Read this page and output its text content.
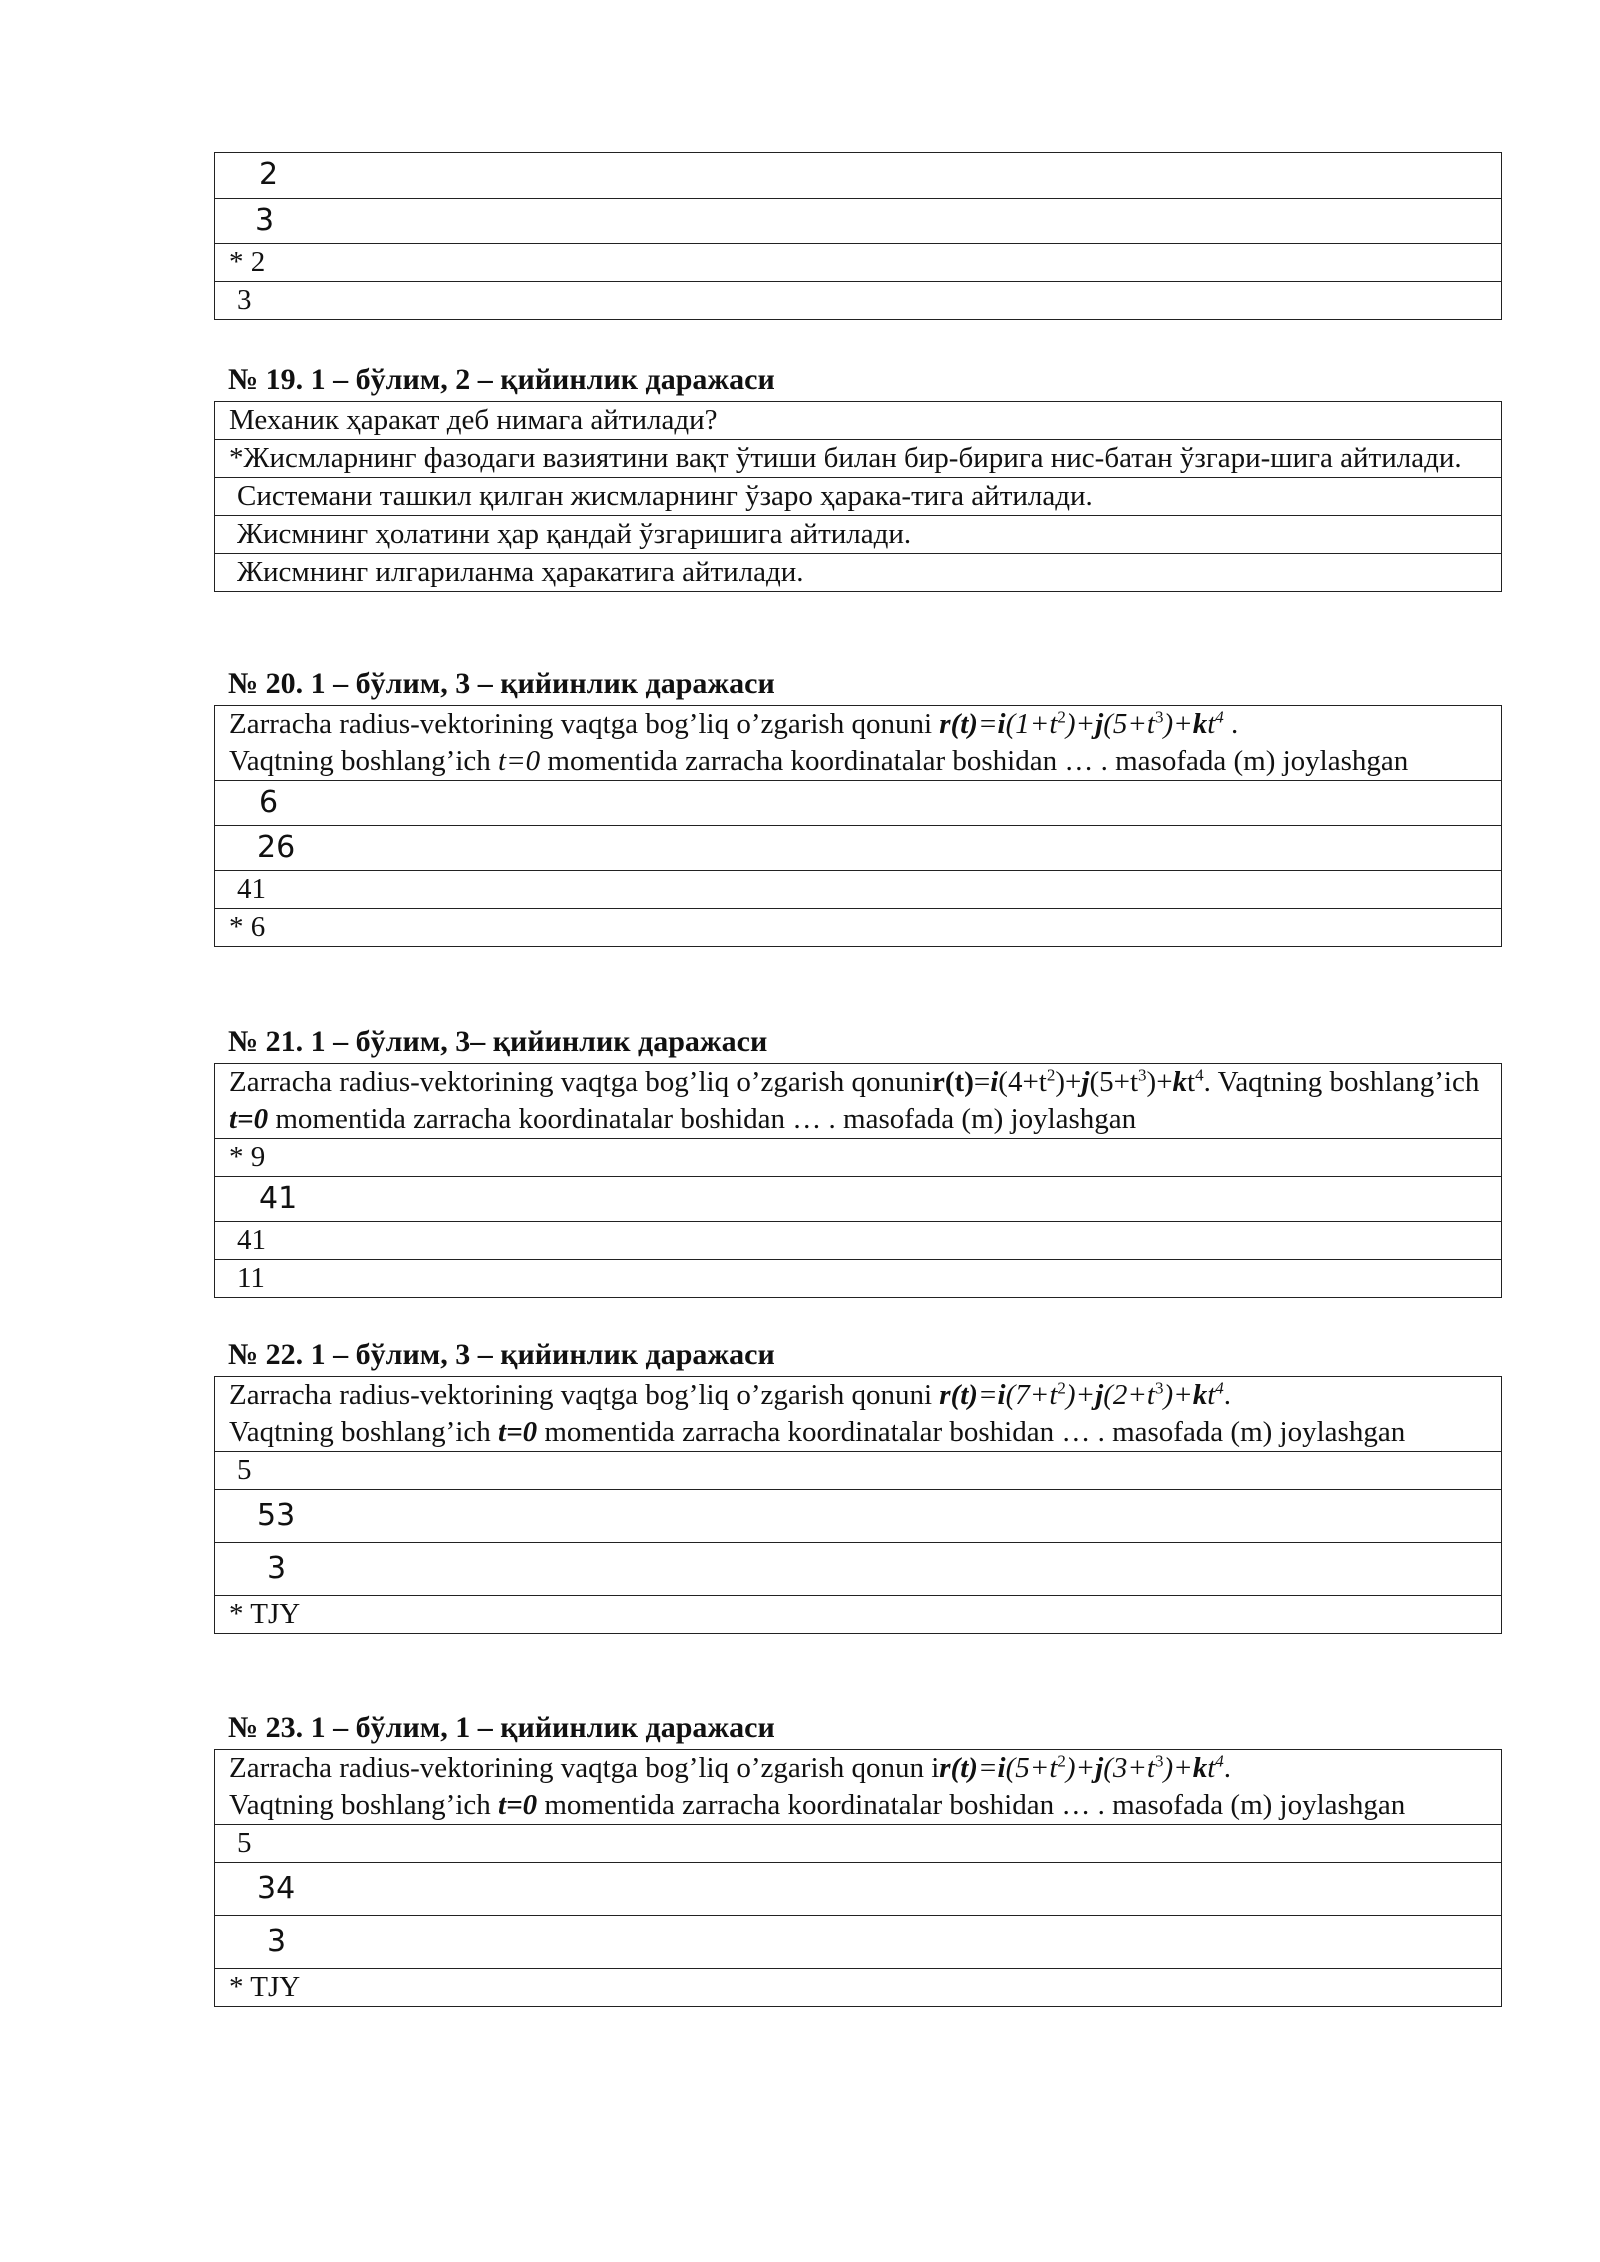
2
3
* 2
3
№ 19. 1 – бўлим, 2 – қийинлик даражаси
Механик ҳаракат деб нимага айтилади?
*Жисмларнинг фазодаги вазиятини вақт ўтиши билан бир-бирига нис-батан ўзгари-шига айтилади.
Системани ташкил қилган жисмларнинг ўзаро ҳарака-тига айтилади.
Жисмнинг ҳолатини ҳар қандай ўзгаришига айтилади.
Жисмнинг илгариланма ҳаракатига айтилади.
№ 20. 1 – бўлим, 3 – қийинлик даражаси
Zarracha radius-vektorining vaqtga bog’liq o’zgarish qonuni $r(t)=i(1+t^2)+j(5+t^3)+kt^4$ .
Vaqtning boshlang’ich t=0 momentida zarracha koordinatalar boshidan … . masofada (m) joylashgan
6
26
41
* 6
№ 21. 1 – бўлим, 3– қийинлик даражаси
Zarracha radius-vektorining vaqtga bog’liq o’zgarish $qonunir(t)=i(4+t^2)+j(5+t^3)+kt^4$. Vaqtning boshlang’ich t=0 momentida zarracha koordinatalar boshidan … . masofada (m) joylashgan
* 9
41
41
11
№ 22. 1 – бўлим, 3 – қийинлик даражаси
Zarracha radius-vektorining vaqtga bog’liq o’zgarish qonuni $r(t)=i(7+t^2)+j(2+t^3)+kt^4$.
Vaqtning boshlang’ich t=0 momentida zarracha koordinatalar boshidan … . masofada (m) joylashgan
5
53
3
* TJY
№ 23. 1 – бўлим, 1 – қийинлик даражаси
Zarracha radius-vektorining vaqtga bog’liq o’zgarish qonun $ir(t)=i(5+t^2)+j(3+t^3)+kt^4$.
Vaqtning boshlang’ich t=0 momentida zarracha koordinatalar boshidan … . masofada (m) joylashgan
5
34
3
* TJY
